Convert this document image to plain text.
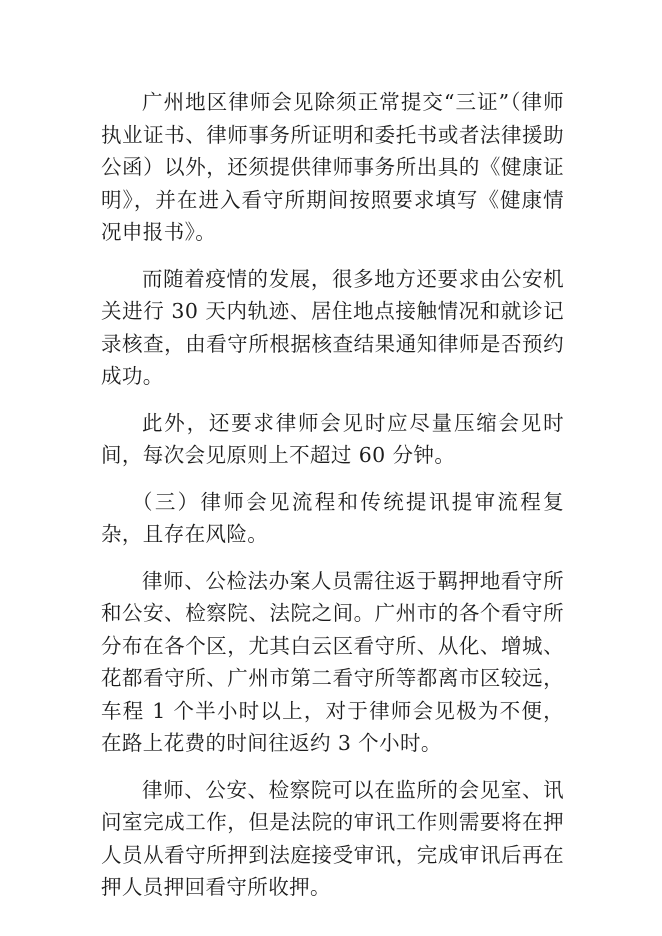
广州地区律师会见除须正常提交“三证”（律师执业证书、律师事务所证明和委托书或者法律援助公函）以外，还须提供律师事务所出具的《健康证明》，并在进入看守所期间按照要求填写《健康情况申报书》。

而随着疫情的发展，很多地方还要求由公安机关进行 30 天内轨迹、居住地点接触情况和就诊记录核查，由看守所根据核查结果通知律师是否预约成功。

此外，还要求律师会见时应尽量压缩会见时间，每次会见原则上不超过 60 分钟。

（三）律师会见流程和传统提讯提审流程复杂，且存在风险。

律师、公检法办案人员需往返于羁押地看守所和公安、检察院、法院之间。广州市的各个看守所分布在各个区，尤其白云区看守所、从化、增城、花都看守所、广州市第二看守所等都离市区较远，车程 1 个半小时以上，对于律师会见极为不便，在路上花费的时间往返约 3 个小时。

律师、公安、检察院可以在监所的会见室、讯问室完成工作，但是法院的审讯工作则需要将在押人员从看守所押到法庭接受审讯，完成审讯后再在押人员押回看守所收押。
